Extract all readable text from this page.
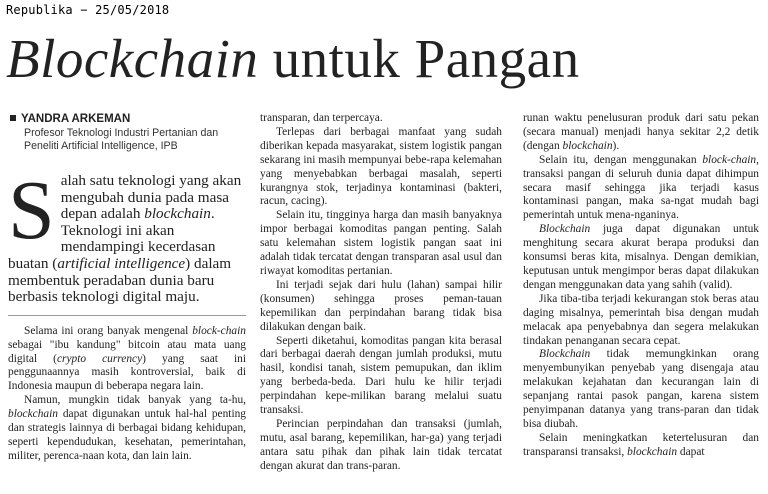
Republika − 25/05/2018
Blockchain untuk Pangan
YANDRA ARKEMAN
Profesor Teknologi Industri Pertanian dan
Peneliti Artificial Intelligence, IPB
Salah satu teknologi yang akan mengubah dunia pada masa depan adalah blockchain. Teknologi ini akan mendampingi kecerdasan buatan (artificial intelligence) dalam membentuk peradaban dunia baru berbasis teknologi digital maju.

Selama ini orang banyak mengenal block-chain sebagai "ibu kandung" bitcoin atau mata uang digital (crypto currency) yang saat ini penggunaannya masih kontroversial, baik di Indonesia maupun di beberapa negara lain.

Namun, mungkin tidak banyak yang ta-hu, blockchain dapat digunakan untuk hal-hal penting dan strategis lainnya di berbagai bidang kehidupan, seperti kependudukan, kesehatan, pemerintahan, militer, perenca-naan kota, dan lain lain.

transparan, dan terpercaya.

Terlepas dari berbagai manfaat yang sudah diberikan kepada masyarakat, sistem logistik pangan sekarang ini masih mempunyai bebe-rapa kelemahan yang menyebabkan berbagai masalah, seperti kurangnya stok, terjadinya kontaminasi (bakteri, racun, cacing).

Selain itu, tingginya harga dan masih banyaknya impor berbagai komoditas pangan penting. Salah satu kelemahan sistem logistik pangan saat ini adalah tidak tercatat dengan transparan asal usul dan riwayat komoditas pertanian.

Ini terjadi sejak dari hulu (lahan) sampai hilir (konsumen) sehingga proses peman-tauan kepemilikan dan perpindahan barang tidak bisa dilakukan dengan baik.

Seperti diketahui, komoditas pangan kita berasal dari berbagai daerah dengan jumlah produksi, mutu hasil, kondisi tanah, sistem pemupukan, dan iklim yang berbeda-beda. Dari hulu ke hilir terjadi perpindahan kepe-milikan barang melalui suatu transaksi.

Perincian perpindahan dan transaksi (jumlah, mutu, asal barang, kepemilikan, har-ga) yang terjadi antara satu pihak dan pihak lain tidak tercatat dengan akurat dan trans-paran.

runan waktu penelusuran produk dari satu pekan (secara manual) menjadi hanya sekitar 2,2 detik (dengan blockchain).

Selain itu, dengan menggunakan block-chain, transaksi pangan di seluruh dunia dapat dihimpun secara masif sehingga jika terjadi kasus kontaminasi pangan, maka sa-ngat mudah bagi pemerintah untuk mena-nganinya.

Blockchain juga dapat digunakan untuk menghitung secara akurat berapa produksi dan konsumsi beras kita, misalnya. Dengan demikian, keputusan untuk mengimpor beras dapat dilakukan dengan menggunakan data yang sahih (valid).

Jika tiba-tiba terjadi kekurangan stok beras atau daging misalnya, pemerintah bisa dengan mudah melacak apa penyebabnya dan segera melakukan tindakan penanganan secara cepat.

Blockchain tidak memungkinkan orang menyembunyikan penyebab yang disengaja atau melakukan kejahatan dan kecurangan lain di sepanjang rantai pasok pangan, karena sistem penyimpanan datanya yang trans-paran dan tidak bisa diubah.

Selain meningkatkan ketertelusuran dan transparansi transaksi, blockchain dapat
